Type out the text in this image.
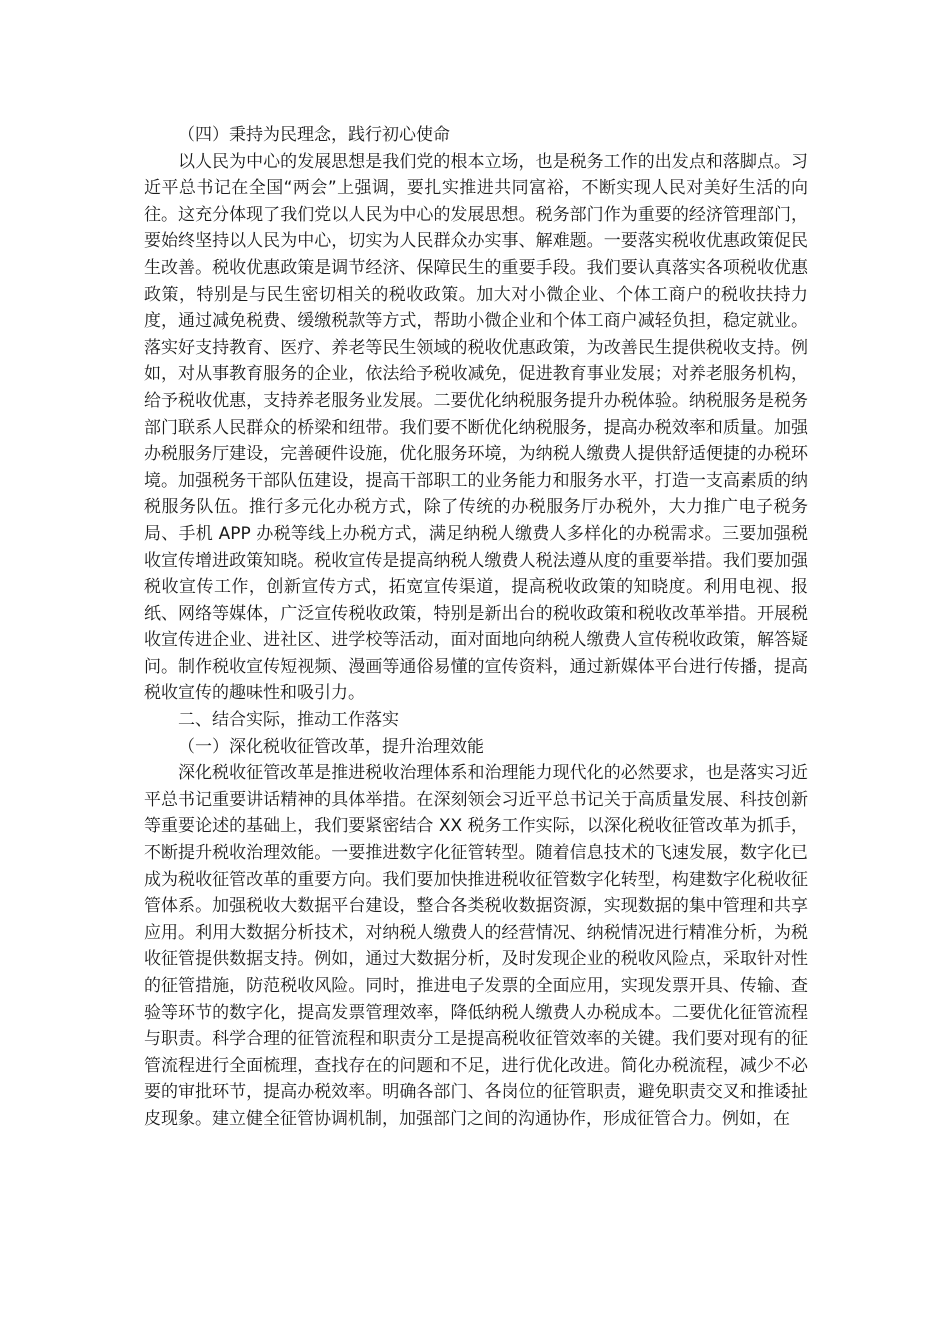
（四）秉持为民理念，践行初心使命

以人民为中心的发展思想是我们党的根本立场，也是税务工作的出发点和落脚点。习近平总书记在全国“两会”上强调，要扎实推进共同富裕，不断实现人民对美好生活的向往。这充分体现了我们党以人民为中心的发展思想。税务部门作为重要的经济管理部门，要始终坚持以人民为中心，切实为人民群众办实事、解难题。一要落实税收优惠政策促民生改善。税收优惠政策是调节经济、保障民生的重要手段。我们要认真落实各项税收优惠政策，特别是与民生密切相关的税收政策。加大对小微企业、个体工商户的税收扶持力度，通过减免税费、缓缴税款等方式，帮助小微企业和个体工商户减轻负担，稳定就业。落实好支持教育、医疗、养老等民生领域的税收优惠政策，为改善民生提供税收支持。例如，对从事教育服务的企业，依法给予税收减免，促进教育事业发展；对养老服务机构，给予税收优惠，支持养老服务业发展。二要优化纳税服务提升办税体验。纳税服务是税务部门联系人民群众的桥梁和纽带。我们要不断优化纳税服务，提高办税效率和质量。加强办税服务厅建设，完善硬件设施，优化服务环境，为纳税人缴费人提供舒适便捷的办税环境。加强税务干部队伍建设，提高干部职工的业务能力和服务水平，打造一支高素质的纳税服务队伍。推行多元化办税方式，除了传统的办税服务厅办税外，大力推广电子税务局、手机 APP 办税等线上办税方式，满足纳税人缴费人多样化的办税需求。三要加强税收宣传增进政策知晓。税收宣传是提高纳税人缴费人税法遵从度的重要举措。我们要加强税收宣传工作，创新宣传方式，拓宽宣传渠道，提高税收政策的知晓度。利用电视、报纸、网络等媒体，广泛宣传税收政策，特别是新出台的税收政策和税收改革举措。开展税收宣传进企业、进社区、进学校等活动，面对面地向纳税人缴费人宣传税收政策，解答疑问。制作税收宣传短视频、漫画等通俗易懂的宣传资料，通过新媒体平台进行传播，提高税收宣传的趣味性和吸引力。

二、结合实际，推动工作落实

（一）深化税收征管改革，提升治理效能

深化税收征管改革是推进税收治理体系和治理能力现代化的必然要求，也是落实习近平总书记重要讲话精神的具体举措。在深刻领会习近平总书记关于高质量发展、科技创新等重要论述的基础上，我们要紧密结合 XX 税务工作实际，以深化税收征管改革为抓手，不断提升税收治理效能。一要推进数字化征管转型。随着信息技术的飞速发展，数字化已成为税收征管改革的重要方向。我们要加快推进税收征管数字化转型，构建数字化税收征管体系。加强税收大数据平台建设，整合各类税收数据资源，实现数据的集中管理和共享应用。利用大数据分析技术，对纳税人缴费人的经营情况、纳税情况进行精准分析，为税收征管提供数据支持。例如，通过大数据分析，及时发现企业的税收风险点，采取针对性的征管措施，防范税收风险。同时，推进电子发票的全面应用，实现发票开具、传输、查验等环节的数字化，提高发票管理效率，降低纳税人缴费人办税成本。二要优化征管流程与职责。科学合理的征管流程和职责分工是提高税收征管效率的关键。我们要对现有的征管流程进行全面梳理，查找存在的问题和不足，进行优化改进。简化办税流程，减少不必要的审批环节，提高办税效率。明确各部门、各岗位的征管职责，避免职责交叉和推诿扯皮现象。建立健全征管协调机制，加强部门之间的沟通协作，形成征管合力。例如，在
